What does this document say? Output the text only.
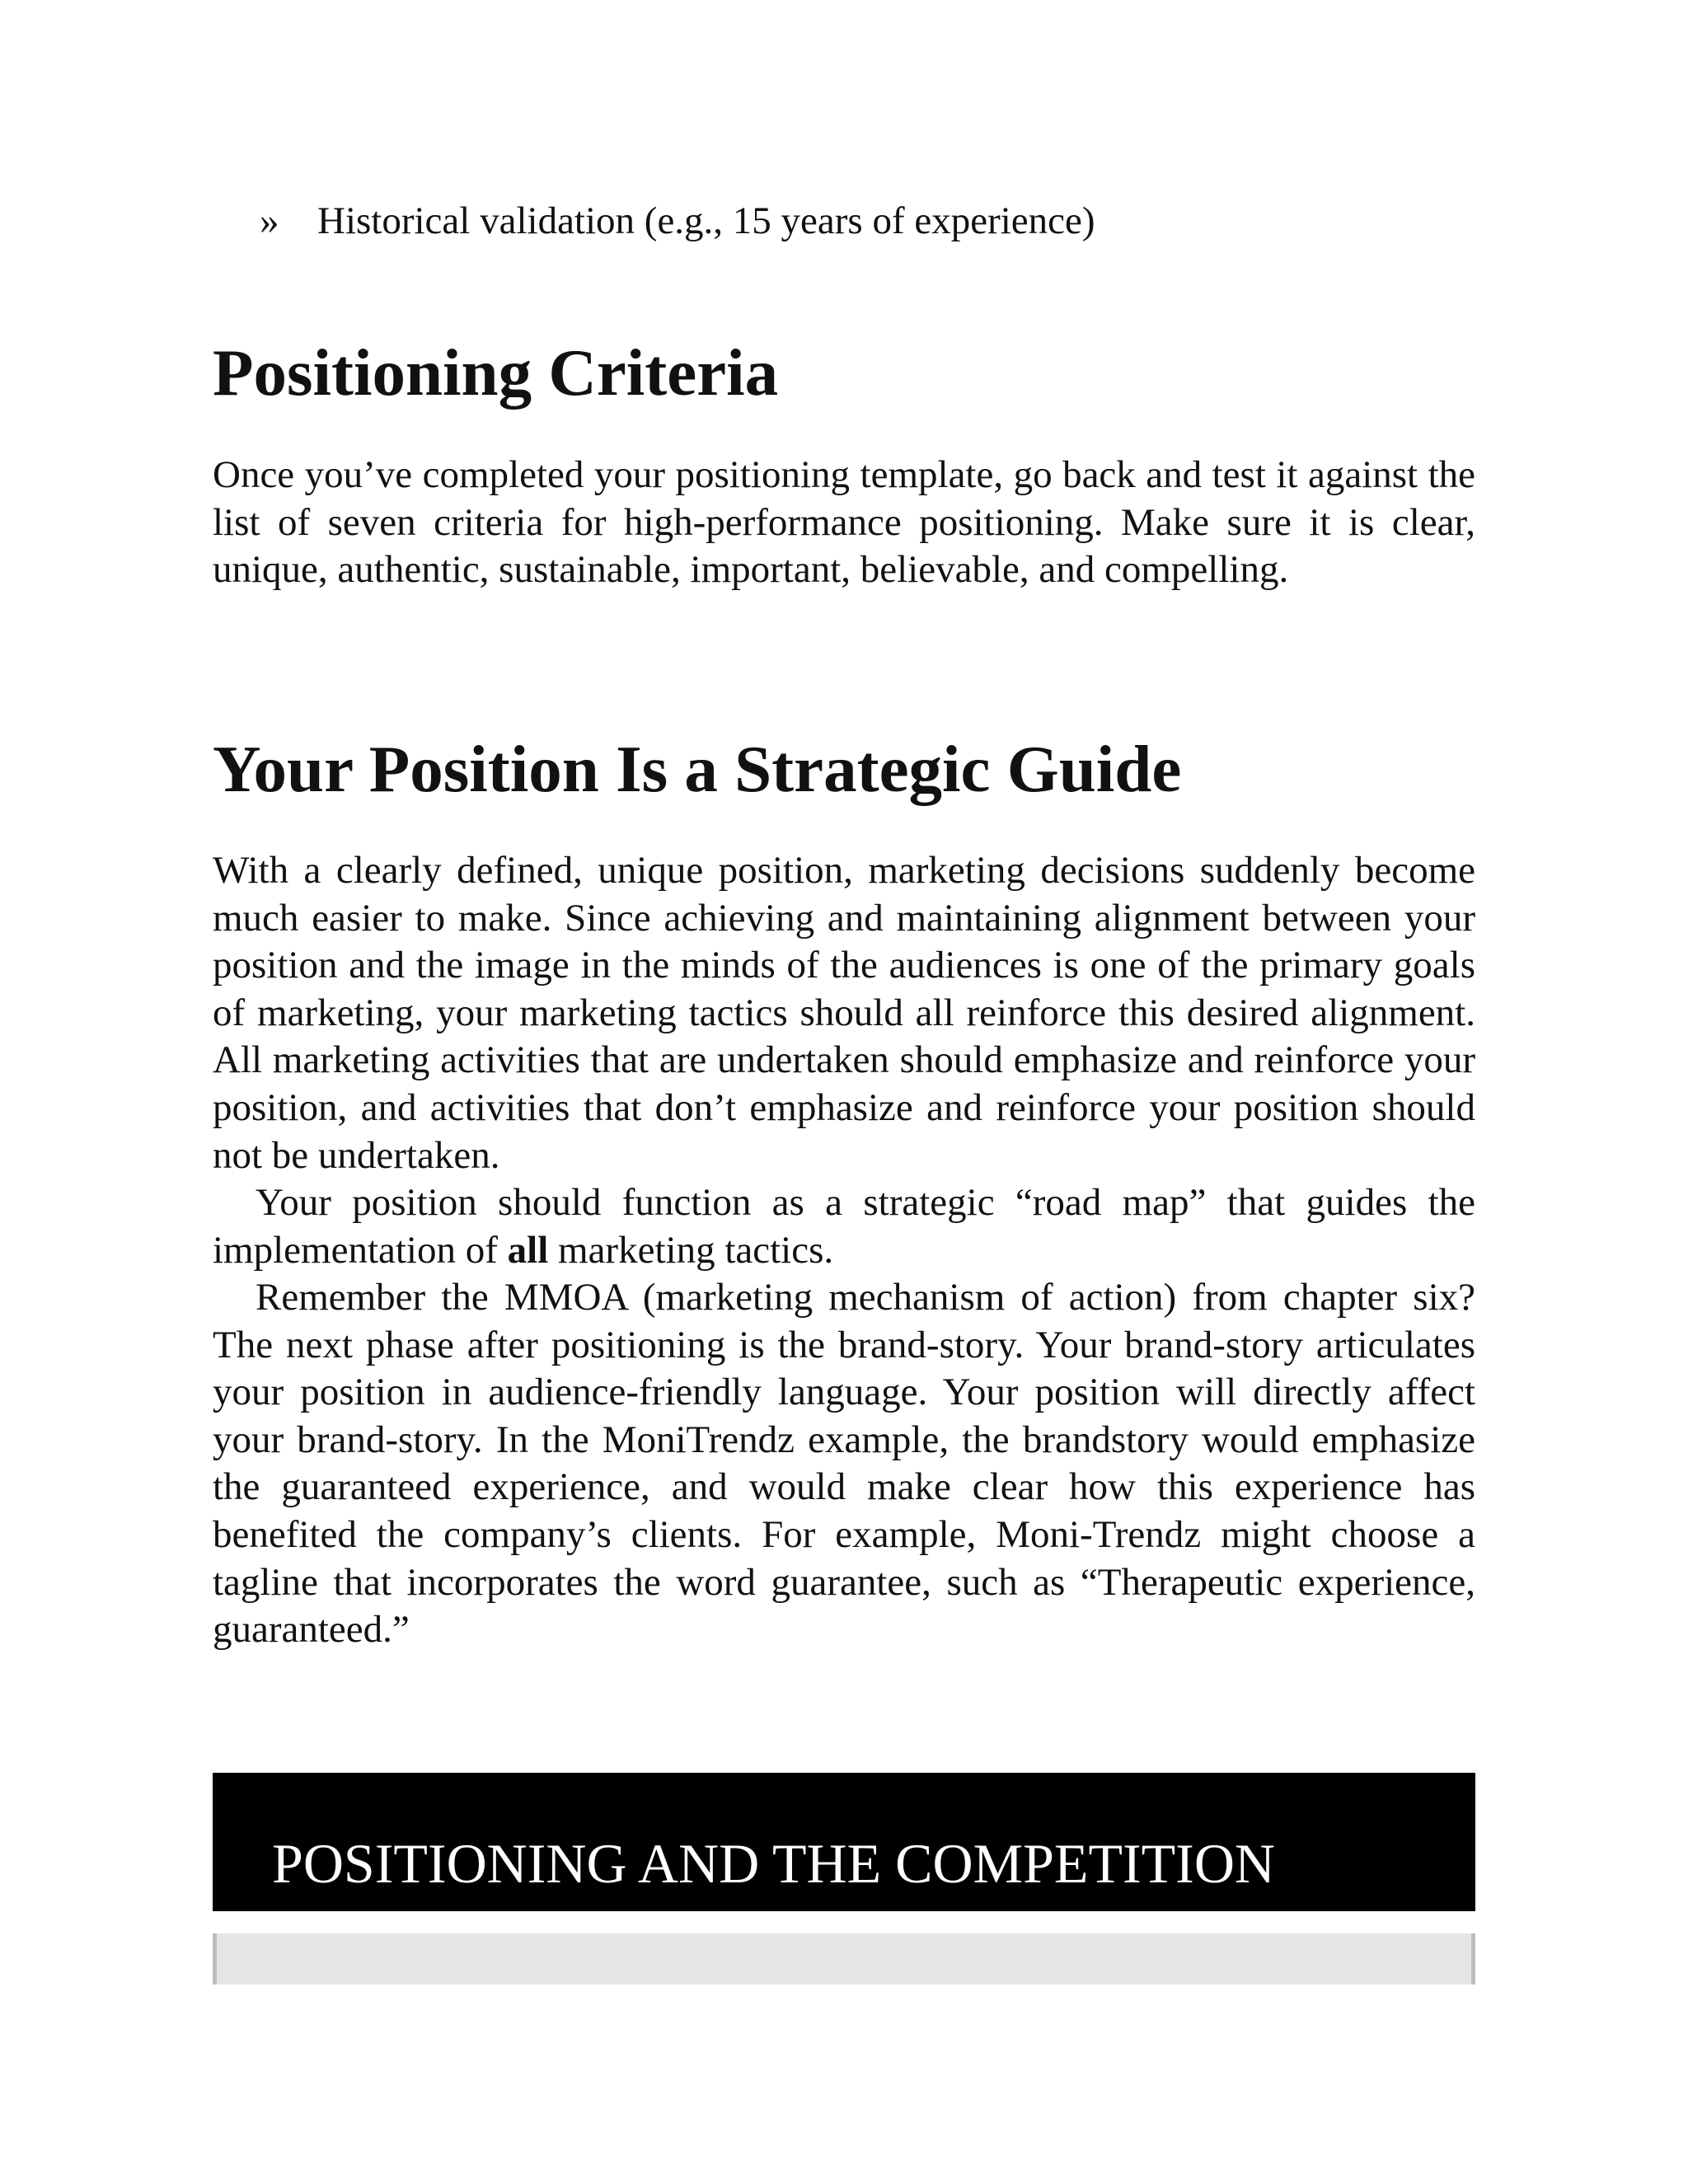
» Historical validation (e.g., 15 years of experience)
Positioning Criteria

Once you’ve completed your positioning template, go back and test it against the list of seven criteria for high-performance positioning. Make sure it is clear, unique, authentic, sustainable, important, believable, and compelling.

Your Position Is a Strategic Guide

With a clearly defined, unique position, marketing decisions suddenly become much easier to make. Since achieving and maintaining alignment between your position and the image in the minds of the audiences is one of the primary goals of marketing, your marketing tactics should all reinforce this desired alignment. All marketing activities that are undertaken should emphasize and reinforce your position, and activities that don’t emphasize and reinforce your position should not be undertaken.

Your position should function as a strategic “road map” that guides the implementation of all marketing tactics.

Remember the MMOA (marketing mechanism of action) from chapter six? The next phase after positioning is the brand-story. Your brand-story articulates your position in audience-friendly language. Your position will directly affect your brand-story. In the MoniTrendz example, the brandstory would emphasize the guaranteed experience, and would make clear how this experience has benefited the company’s clients. For example, Moni-Trendz might choose a tagline that incorporates the word guarantee, such as “Therapeutic experience, guaranteed.”

POSITIONING AND THE COMPETITION
